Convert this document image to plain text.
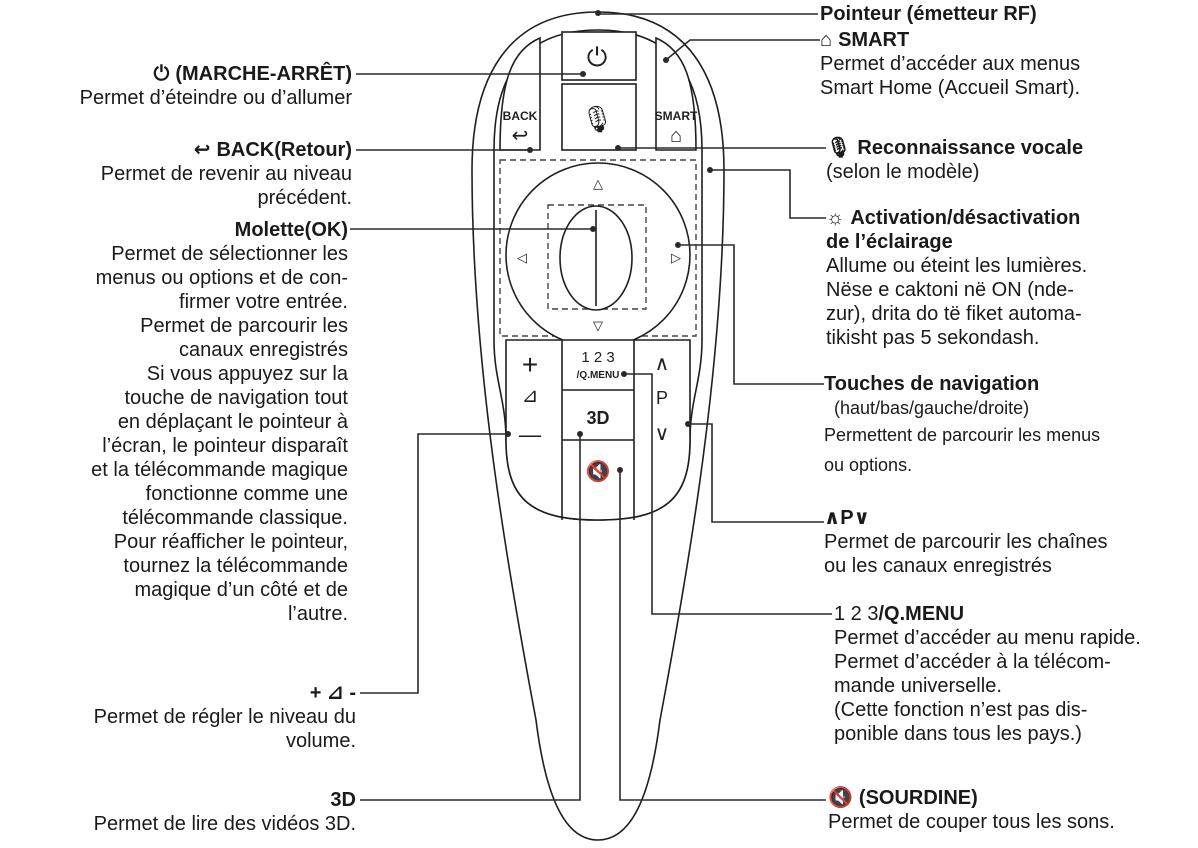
BACK	SMART
↩	⌂
⏻
🎙
△
▽
◁	▷
1 2 3
/Q.MENU
3D
🔇
+
⊿
—
∧
P
∨
Pointeur (émetteur RF)
⌂ SMART
Permet d’accéder aux menus
Smart Home (Accueil Smart).
🎙 Reconnaissance vocale
(selon le modèle)
☼ Activation/désactivation
de l’éclairage
Allume ou éteint les lumières.
Nëse e caktoni në ON (nde-
zur), drita do të fiket automa-
tikisht pas 5 sekondash.
Touches de navigation
(haut/bas/gauche/droite)
Permettent de parcourir les menus
ou options.
∧P∨
Permet de parcourir les chaînes
ou les canaux enregistrés
1 2 3/Q.MENU
Permet d’accéder au menu rapide.
Permet d’accéder à la télécom-
mande universelle.
(Cette fonction n’est pas dis-
ponible dans tous les pays.)
🔇 (SOURDINE)
Permet de couper tous les sons.
⏻ (MARCHE-ARRÊT)
Permet d’éteindre ou d’allumer
↩ BACK(Retour)
Permet de revenir au niveau
précédent.
Molette(OK)
Permet de sélectionner les
menus ou options et de con-
firmer votre entrée.
Permet de parcourir les
canaux enregistrés
Si vous appuyez sur la
touche de navigation tout
en déplaçant le pointeur à
l’écran, le pointeur disparaît
et la télécommande magique
fonctionne comme une
télécommande classique.
Pour réafficher le pointeur,
tournez la télécommande
magique d’un côté et de
l’autre.
+ ⊿ -
Permet de régler le niveau du
volume.
3D
Permet de lire des vidéos 3D.
